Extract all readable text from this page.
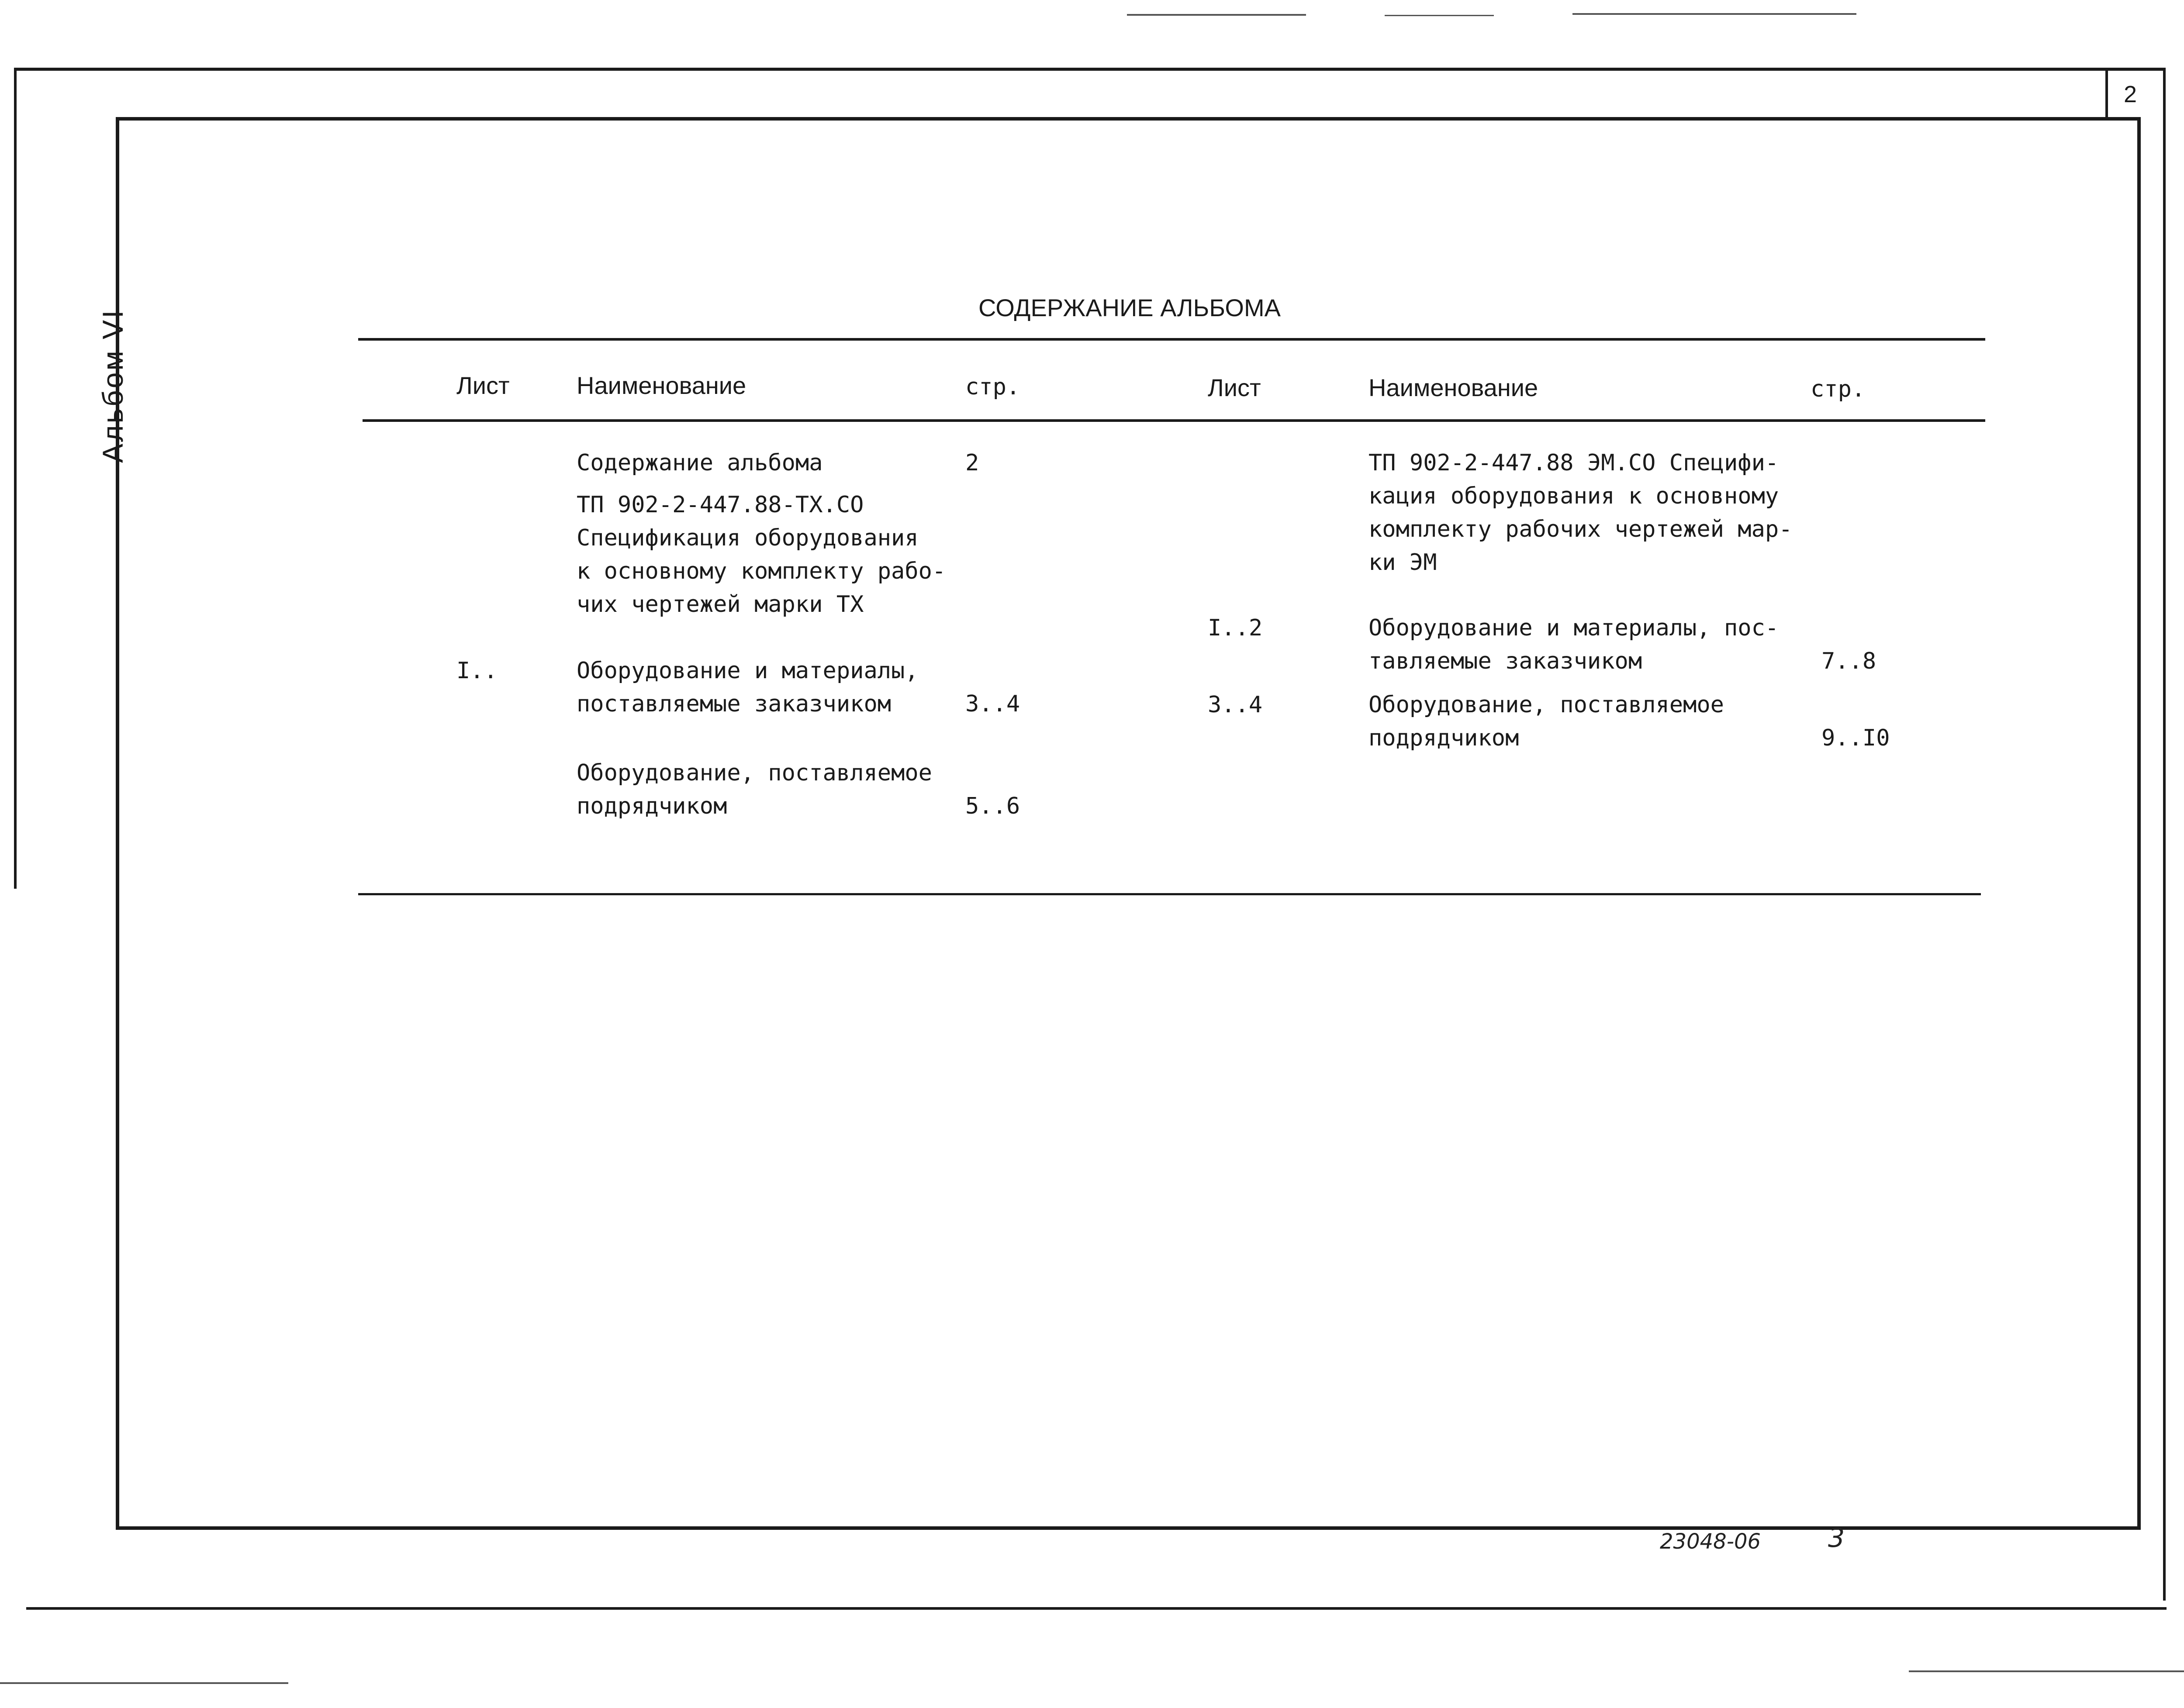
2
Альбом VI
СОДЕРЖАНИЕ АЛЬБОМА
Лист	Наименование	стр.	Лист	Наименование	стр.
Содержание альбома	2
ТП 902-2-447.88-ТХ.СО
Спецификация оборудования
к основному комплекту рабо-
чих чертежей марки ТХ
I..	Оборудование и материалы,
поставляемые заказчиком	3..4
Оборудование, поставляемое
подрядчиком	5..6
ТП 902-2-447.88 ЭМ.СО Специфи-
кация оборудования к основному
комплекту рабочих чертежей мар-
ки ЭМ
I..2	Оборудование и материалы, пос-
тавляемые заказчиком	7..8
3..4	Оборудование, поставляемое
подрядчиком	9..I0
23048-06	3
